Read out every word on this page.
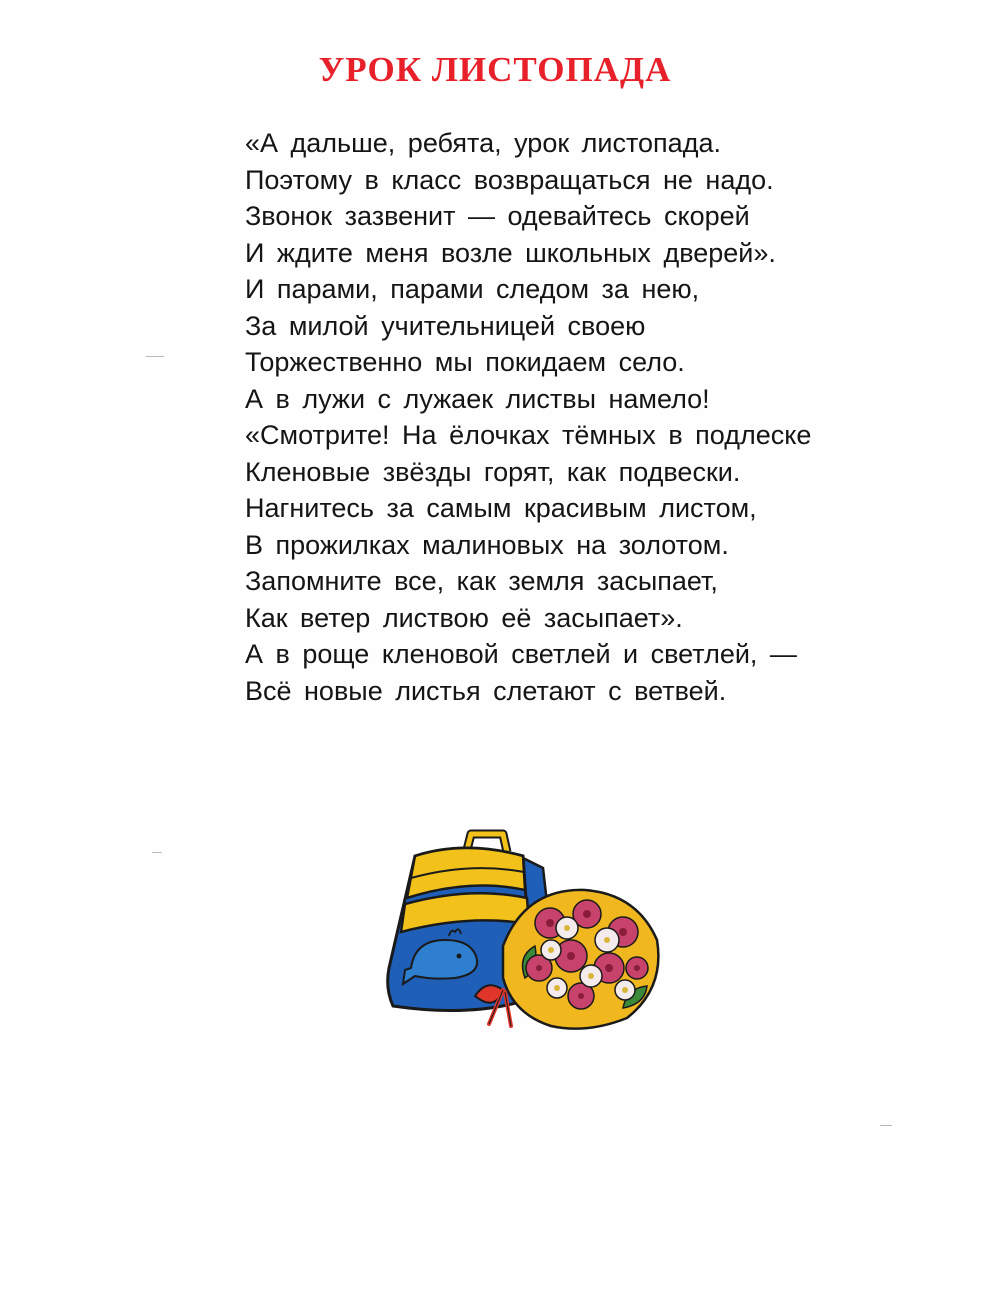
УРОК ЛИСТОПАДА
«А дальше, ребята, урок листопада.
Поэтому в класс возвращаться не надо.
Звонок зазвенит — одевайтесь скорей
И ждите меня возле школьных дверей».
И парами, парами следом за нею,
За милой учительницей своею
Торжественно мы покидаем село.
А в лужи с лужаек листвы намело!
«Смотрите! На ёлочках тёмных в подлеске
Кленовые звёзды горят, как подвески.
Нагнитесь за самым красивым листом,
В прожилках малиновых на золотом.
Запомните все, как земля засыпает,
Как ветер листвою её засыпает».
А в роще кленовой светлей и светлей, —
Всё новые листья слетают с ветвей.
